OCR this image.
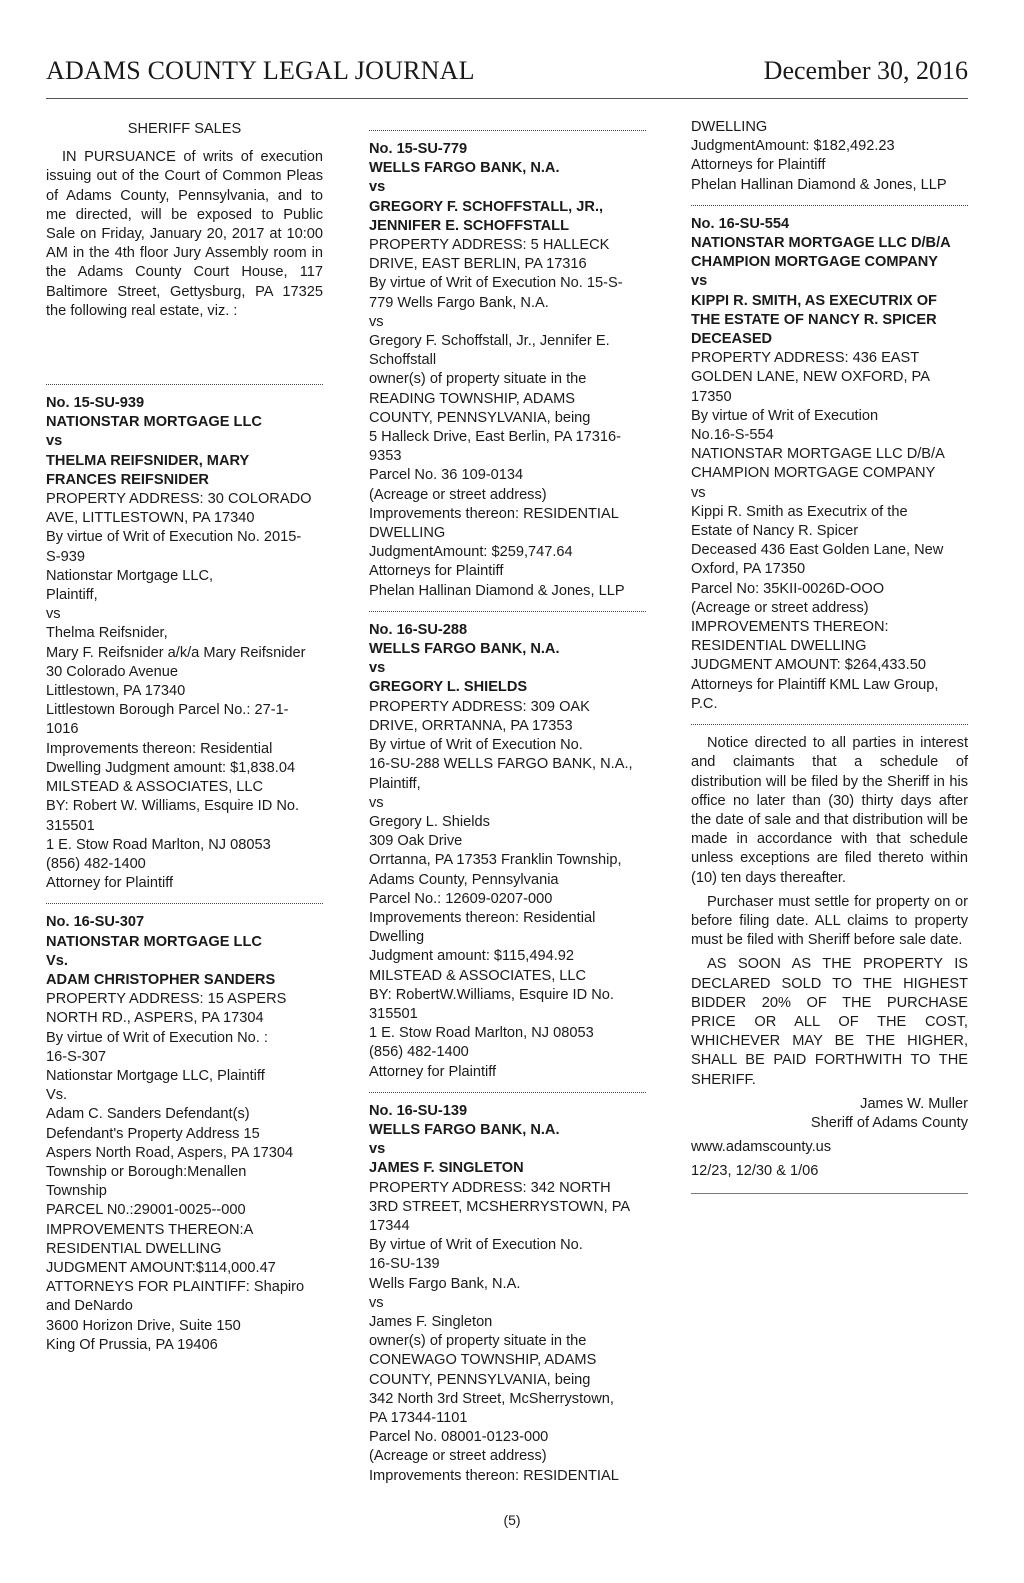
ADAMS COUNTY LEGAL JOURNAL	December 30, 2016
SHERIFF SALES
IN PURSUANCE of writs of execution issuing out of the Court of Common Pleas of Adams County, Pennsylvania, and to me directed, will be exposed to Public Sale on Friday, January 20, 2017 at 10:00 AM in the 4th floor Jury Assembly room in the Adams County Court House, 117 Baltimore Street, Gettysburg, PA 17325 the following real estate, viz. :
No. 15-SU-939
NATIONSTAR MORTGAGE LLC
vs
THELMA REIFSNIDER, MARY
FRANCES REIFSNIDER
PROPERTY ADDRESS: 30 COLORADO
AVE, LITTLESTOWN, PA 17340
By virtue of Writ of Execution No. 2015-
S-939
Nationstar Mortgage LLC,
Plaintiff,
vs
Thelma Reifsnider,
Mary F. Reifsnider a/k/a Mary Reifsnider
30 Colorado Avenue
Littlestown, PA 17340
Littlestown Borough Parcel No.: 27-1-
1016
Improvements thereon: Residential
Dwelling Judgment amount: $1,838.04
MILSTEAD & ASSOCIATES, LLC
BY: Robert W. Williams, Esquire ID No.
315501
1 E. Stow Road Marlton, NJ 08053
(856) 482-1400
Attorney for Plaintiff
No. 16-SU-307
NATIONSTAR MORTGAGE LLC
Vs.
ADAM CHRISTOPHER SANDERS
PROPERTY ADDRESS: 15 ASPERS
NORTH RD., ASPERS, PA 17304
By virtue of Writ of Execution No. :
16-S-307
Nationstar Mortgage LLC, Plaintiff
Vs.
Adam C. Sanders Defendant(s)
Defendant's Property Address 15
Aspers North Road, Aspers, PA 17304
Township or Borough:Menallen
Township
PARCEL N0.:29001-0025--000
IMPROVEMENTS THEREON:A
RESIDENTIAL DWELLING
JUDGMENT AMOUNT:$114,000.47
ATTORNEYS FOR PLAINTIFF: Shapiro
and DeNardo
3600 Horizon Drive, Suite 150
King Of Prussia, PA 19406
No. 15-SU-779
WELLS FARGO BANK, N.A.
vs
GREGORY F. SCHOFFSTALL, JR.,
JENNIFER E. SCHOFFSTALL
PROPERTY ADDRESS: 5 HALLECK
DRIVE, EAST BERLIN, PA 17316
By virtue of Writ of Execution No. 15-S-
779 Wells Fargo Bank, N.A.
vs
Gregory F. Schoffstall, Jr., Jennifer E.
Schoffstall
owner(s) of property situate in the
READING TOWNSHIP, ADAMS
COUNTY, PENNSYLVANIA, being
5 Halleck Drive, East Berlin, PA 17316-
9353
Parcel No. 36 109-0134
(Acreage or street address)
Improvements thereon: RESIDENTIAL
DWELLING
JudgmentAmount: $259,747.64
Attorneys for Plaintiff
Phelan Hallinan Diamond & Jones, LLP
No. 16-SU-288
WELLS FARGO BANK, N.A.
vs
GREGORY L. SHIELDS
PROPERTY ADDRESS: 309 OAK
DRIVE, ORRTANNA, PA 17353
By virtue of Writ of Execution No.
16-SU-288 WELLS FARGO BANK, N.A.,
Plaintiff,
vs
Gregory L. Shields
309 Oak Drive
Orrtanna, PA 17353 Franklin Township,
Adams County, Pennsylvania
Parcel No.: 12609-0207-000
Improvements thereon: Residential
Dwelling
Judgment amount: $115,494.92
MILSTEAD & ASSOCIATES, LLC
BY: RobertW.Williams, Esquire ID No.
315501
1 E. Stow Road Marlton, NJ 08053
(856) 482-1400
Attorney for Plaintiff
No. 16-SU-139
WELLS FARGO BANK, N.A.
vs
JAMES F. SINGLETON
PROPERTY ADDRESS: 342 NORTH
3RD STREET, MCSHERRYSTOWN, PA
17344
By virtue of Writ of Execution No.
16-SU-139
Wells Fargo Bank, N.A.
vs
James F. Singleton
owner(s) of property situate in the
CONEWAGO TOWNSHIP, ADAMS
COUNTY, PENNSYLVANIA, being
342 North 3rd Street, McSherrystown,
PA 17344-1101
Parcel No. 08001-0123-000
(Acreage or street address)
Improvements thereon: RESIDENTIAL
DWELLING
JudgmentAmount: $182,492.23
Attorneys for Plaintiff
Phelan Hallinan Diamond & Jones, LLP
No. 16-SU-554
NATIONSTAR MORTGAGE LLC D/B/A
CHAMPION MORTGAGE COMPANY
vs
KIPPI R. SMITH, AS EXECUTRIX OF
THE ESTATE OF NANCY R. SPICER
DECEASED
PROPERTY ADDRESS: 436 EAST
GOLDEN LANE, NEW OXFORD, PA
17350
By virtue of Writ of Execution
No.16-S-554
NATIONSTAR MORTGAGE LLC D/B/A
CHAMPION MORTGAGE COMPANY
vs
Kippi R. Smith as Executrix of the
Estate of Nancy R. Spicer
Deceased 436 East Golden Lane, New
Oxford, PA 17350
Parcel No: 35KII-0026D-OOO
(Acreage or street address)
IMPROVEMENTS THEREON:
RESIDENTIAL DWELLING
JUDGMENT AMOUNT: $264,433.50
Attorneys for Plaintiff KML Law Group,
P.C.
Notice directed to all parties in interest and claimants that a schedule of distribution will be filed by the Sheriff in his office no later than (30) thirty days after the date of sale and that distribution will be made in accordance with that schedule unless exceptions are filed thereto within (10) ten days thereafter.
Purchaser must settle for property on or before filing date. ALL claims to property must be filed with Sheriff before sale date.
AS SOON AS THE PROPERTY IS DECLARED SOLD TO THE HIGHEST BIDDER 20% OF THE PURCHASE PRICE OR ALL OF THE COST, WHICHEVER MAY BE THE HIGHER, SHALL BE PAID FORTHWITH TO THE SHERIFF.
James W. Muller
Sheriff of Adams County
www.adamscounty.us
12/23, 12/30 & 1/06
(5)
